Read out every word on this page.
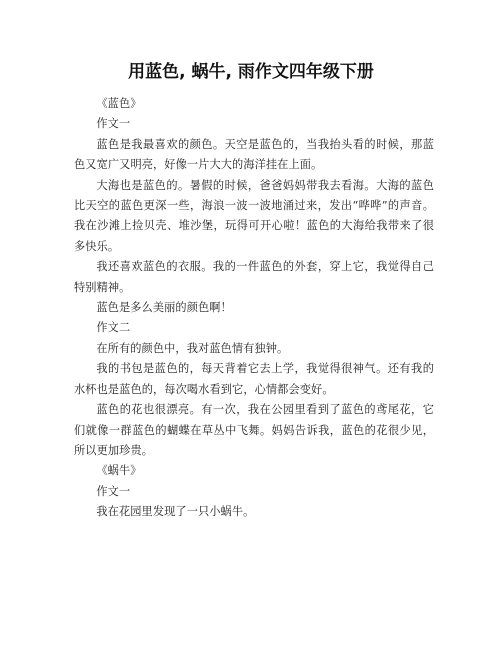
用蓝色, 蜗牛, 雨作文四年级下册

《蓝色》

作文一

蓝色是我最喜欢的颜色。天空是蓝色的，当我抬头看的时候，那蓝色又宽广又明亮，好像一片大大的海洋挂在上面。

大海也是蓝色的。暑假的时候，爸爸妈妈带我去看海。大海的蓝色比天空的蓝色更深一些，海浪一波一波地涌过来，发出“哗哗”的声音。我在沙滩上捡贝壳、堆沙堡，玩得可开心啦！蓝色的大海给我带来了很多快乐。

我还喜欢蓝色的衣服。我的一件蓝色的外套，穿上它，我觉得自己特别精神。

蓝色是多么美丽的颜色啊！

作文二

在所有的颜色中，我对蓝色情有独钟。

我的书包是蓝色的，每天背着它去上学，我觉得很神气。还有我的水杯也是蓝色的，每次喝水看到它，心情都会变好。

蓝色的花也很漂亮。有一次，我在公园里看到了蓝色的鸢尾花，它们就像一群蓝色的蝴蝶在草丛中飞舞。妈妈告诉我，蓝色的花很少见，所以更加珍贵。

《蜗牛》

作文一

我在花园里发现了一只小蜗牛。
